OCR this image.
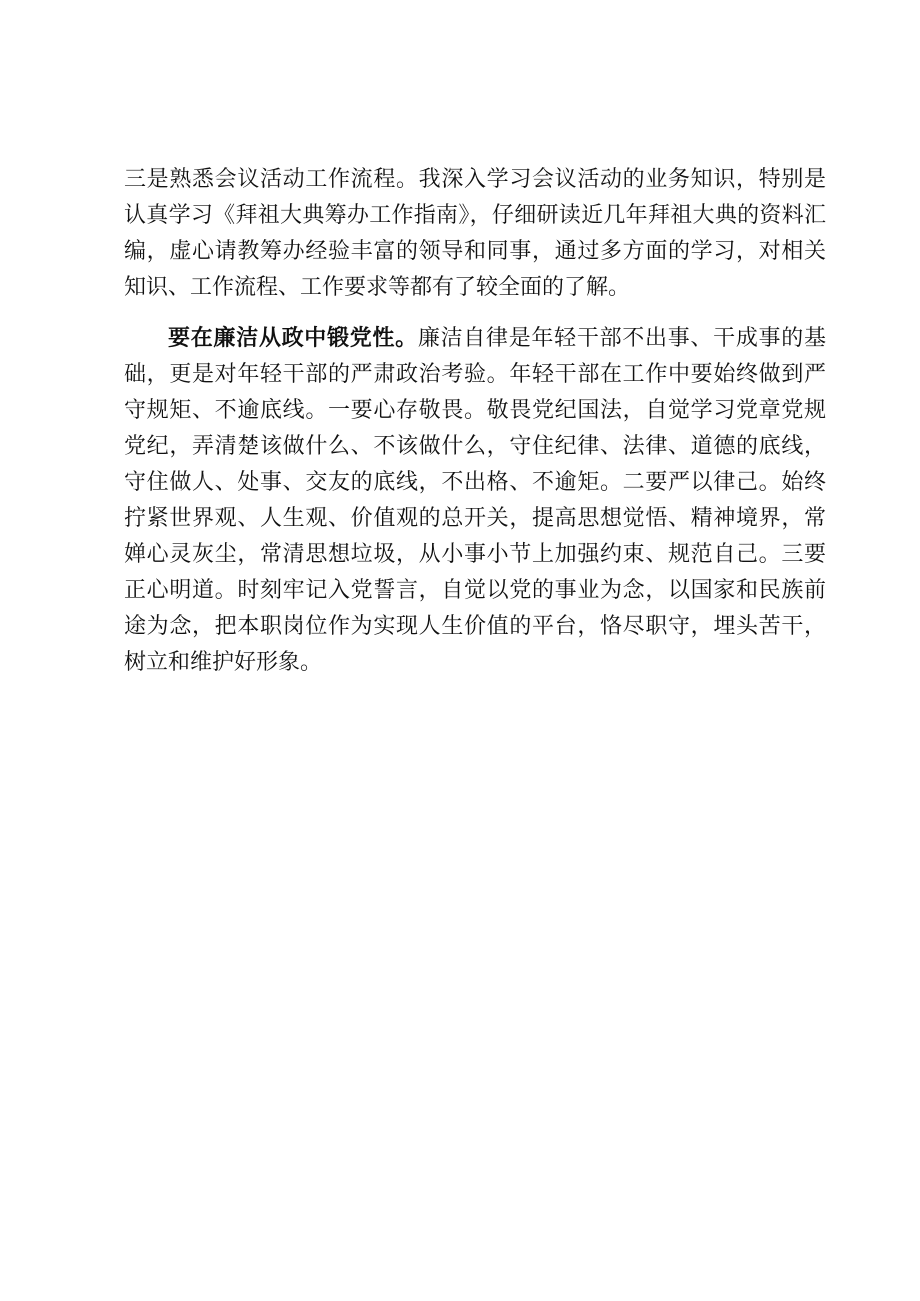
三是熟悉会议活动工作流程。我深入学习会议活动的业务知识，特别是认真学习《拜祖大典筹办工作指南》，仔细研读近几年拜祖大典的资料汇编，虚心请教筹办经验丰富的领导和同事，通过多方面的学习，对相关知识、工作流程、工作要求等都有了较全面的了解。

要在廉洁从政中锻党性。廉洁自律是年轻干部不出事、干成事的基础，更是对年轻干部的严肃政治考验。年轻干部在工作中要始终做到严守规矩、不逾底线。一要心存敬畏。敬畏党纪国法，自觉学习党章党规党纪，弄清楚该做什么、不该做什么，守住纪律、法律、道德的底线，守住做人、处事、交友的底线，不出格、不逾矩。二要严以律己。始终拧紧世界观、人生观、价值观的总开关，提高思想觉悟、精神境界，常婵心灵灰尘，常清思想垃圾，从小事小节上加强约束、规范自己。三要正心明道。时刻牢记入党誓言，自觉以党的事业为念，以国家和民族前途为念，把本职岗位作为实现人生价值的平台，恪尽职守，埋头苦干，树立和维护好形象。
